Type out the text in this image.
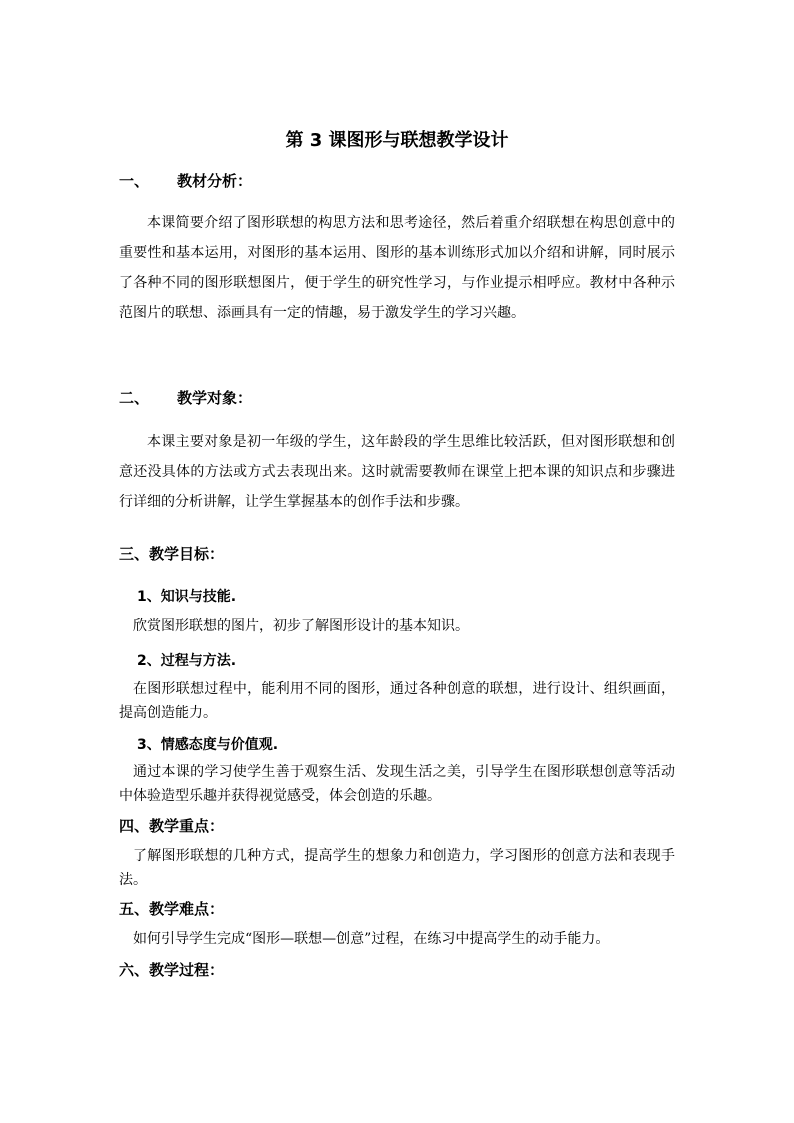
第 3 课图形与联想教学设计
一、 教材分析：
本课简要介绍了图形联想的构思方法和思考途径，然后着重介绍联想在构思创意中的重要性和基本运用，对图形的基本运用、图形的基本训练形式加以介绍和讲解，同时展示了各种不同的图形联想图片，便于学生的研究性学习，与作业提示相呼应。教材中各种示范图片的联想、添画具有一定的情趣，易于激发学生的学习兴趣。
二、 教学对象：
本课主要对象是初一年级的学生，这年龄段的学生思维比较活跃，但对图形联想和创意还没具体的方法或方式去表现出来。这时就需要教师在课堂上把本课的知识点和步骤进行详细的分析讲解，让学生掌握基本的创作手法和步骤。
三、教学目标：
1、知识与技能.
欣赏图形联想的图片，初步了解图形设计的基本知识。
2、过程与方法.
在图形联想过程中，能利用不同的图形，通过各种创意的联想，进行设计、组织画面，提高创造能力。
3、情感态度与价值观.
通过本课的学习使学生善于观察生活、发现生活之美，引导学生在图形联想创意等活动中体验造型乐趣并获得视觉感受，体会创造的乐趣。
四、教学重点：
了解图形联想的几种方式，提高学生的想象力和创造力，学习图形的创意方法和表现手法。
五、教学难点：
如何引导学生完成“图形—联想—创意”过程，在练习中提高学生的动手能力。
六、教学过程：
